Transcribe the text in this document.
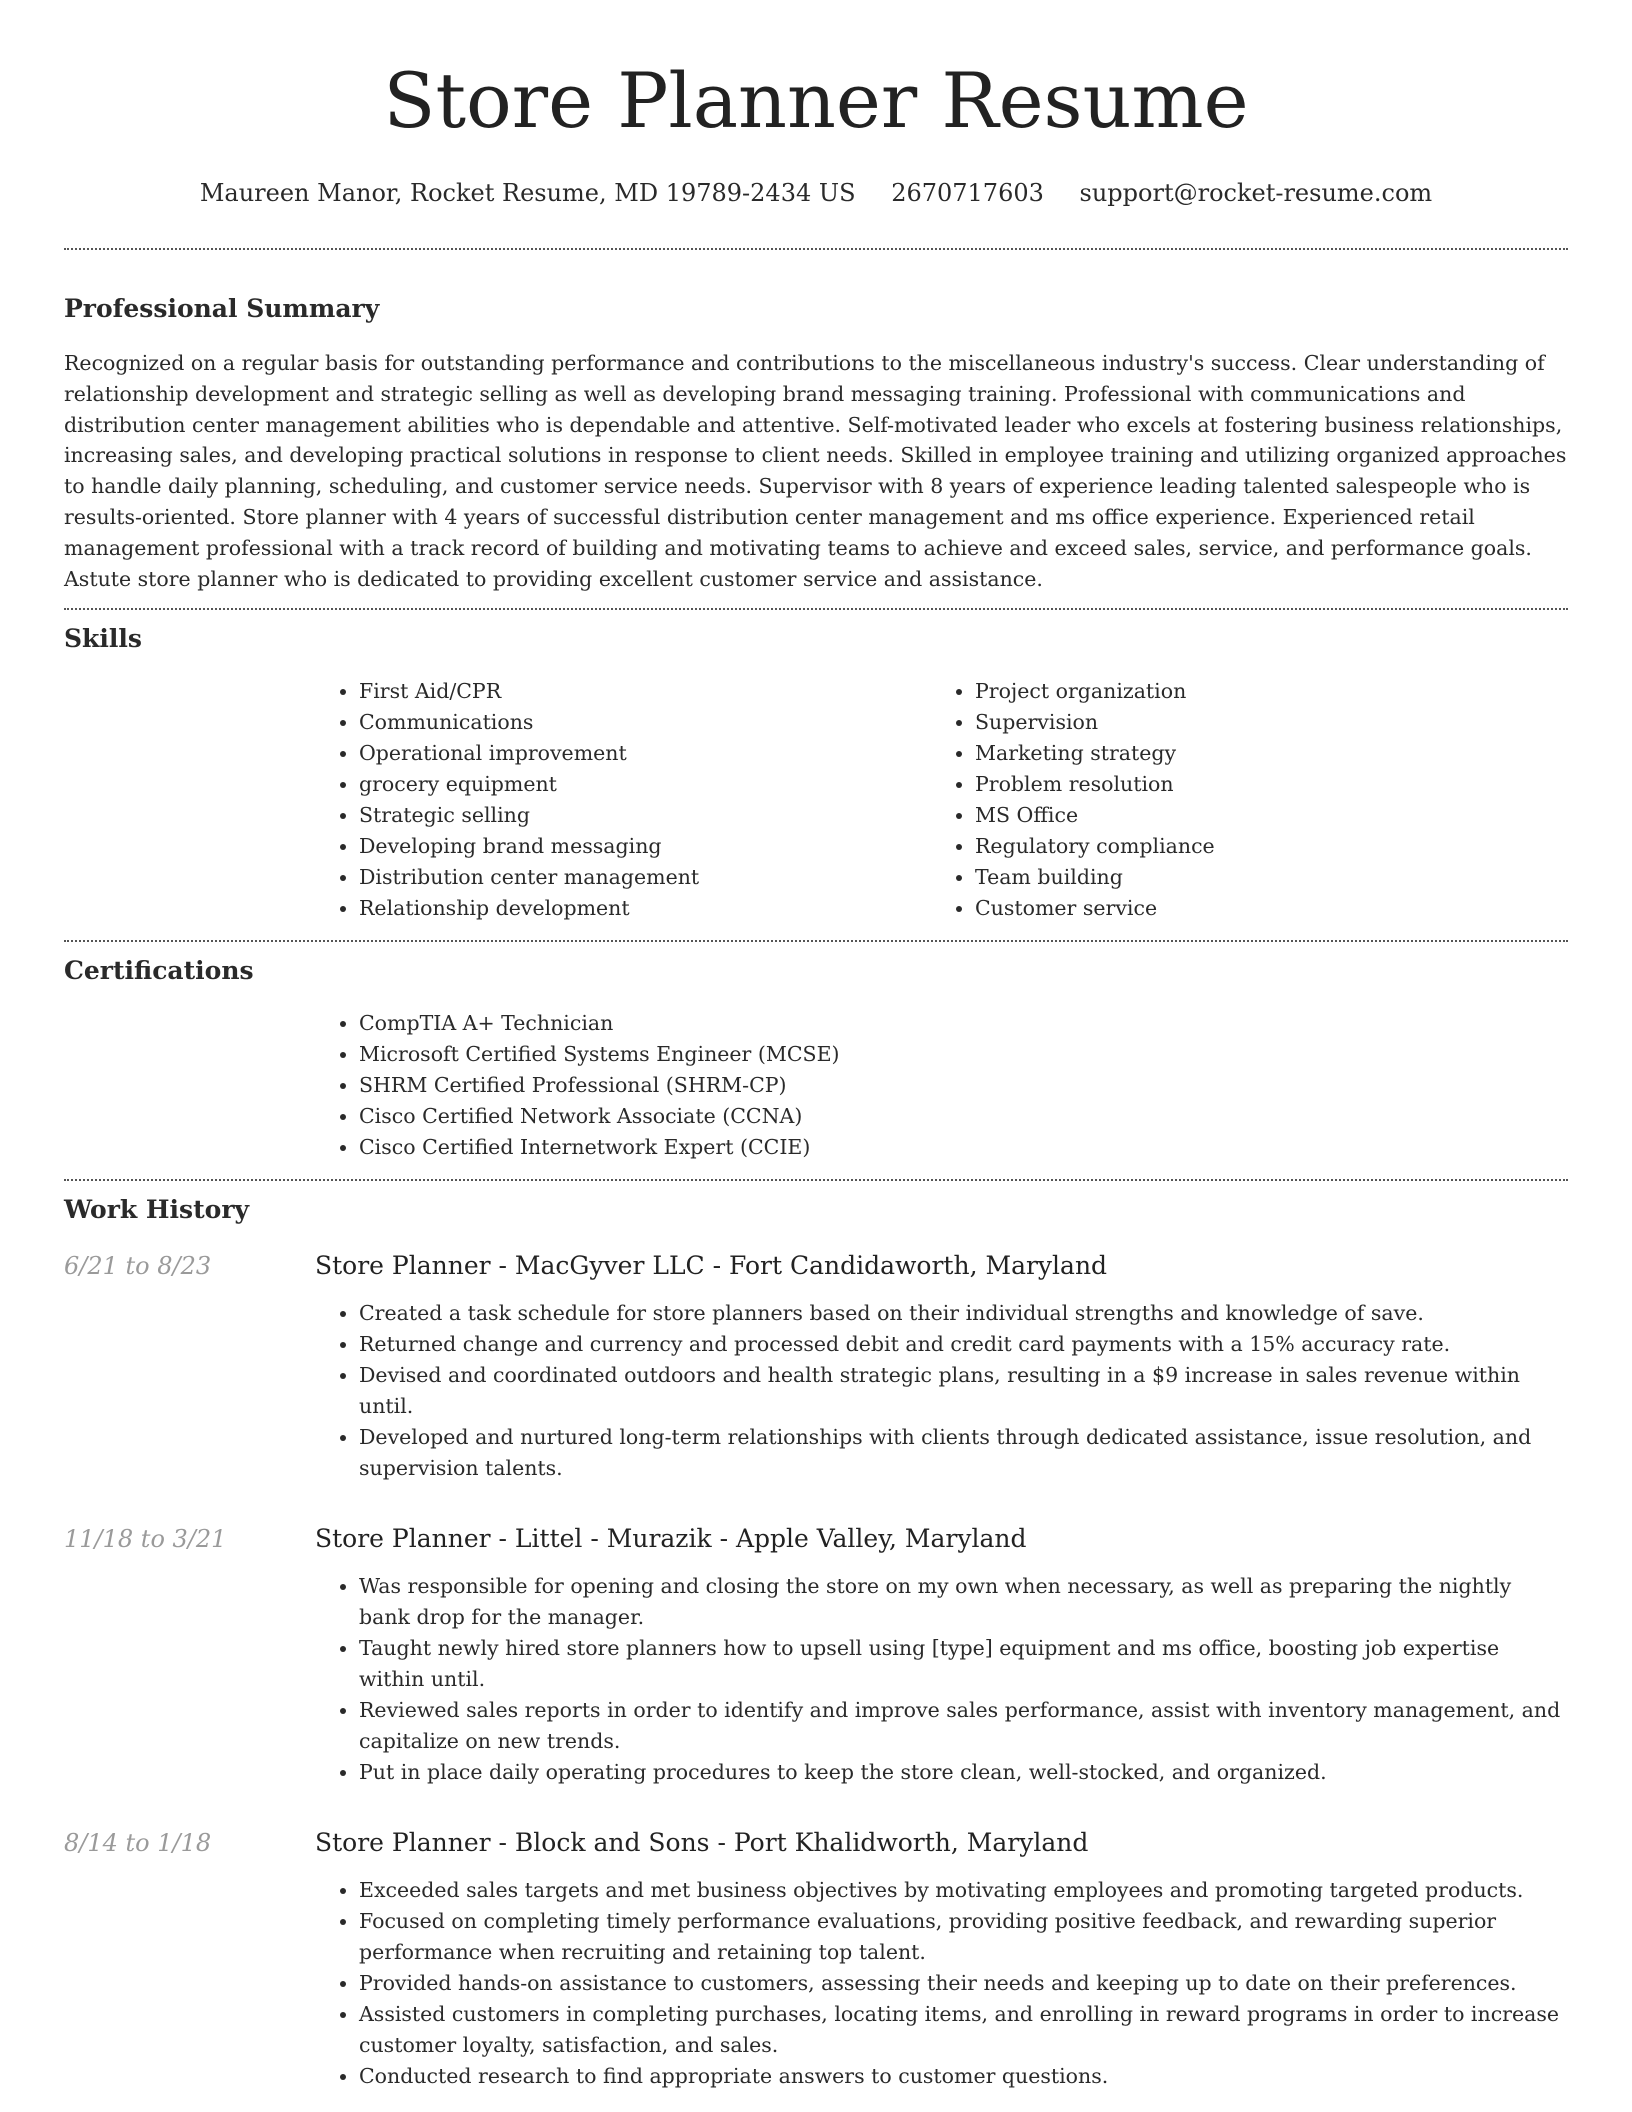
Store Planner Resume
Maureen Manor, Rocket Resume, MD 19789-2434 US 2670717603 support@rocket-resume.com
Professional Summary

Recognized on a regular basis for outstanding performance and contributions to the miscellaneous industry's success. Clear understanding of relationship development and strategic selling as well as developing brand messaging training. Professional with communications and distribution center management abilities who is dependable and attentive. Self-motivated leader who excels at fostering business relationships, increasing sales, and developing practical solutions in response to client needs. Skilled in employee training and utilizing organized approaches to handle daily planning, scheduling, and customer service needs. Supervisor with 8 years of experience leading talented salespeople who is results-oriented. Store planner with 4 years of successful distribution center management and ms office experience. Experienced retail management professional with a track record of building and motivating teams to achieve and exceed sales, service, and performance goals. Astute store planner who is dedicated to providing excellent customer service and assistance.

Skills
• First Aid/CPR
• Communications
• Operational improvement
• grocery equipment
• Strategic selling
• Developing brand messaging
• Distribution center management
• Relationship development
• Project organization
• Supervision
• Marketing strategy
• Problem resolution
• MS Office
• Regulatory compliance
• Team building
• Customer service
Certifications
• CompTIA A+ Technician
• Microsoft Certified Systems Engineer (MCSE)
• SHRM Certified Professional (SHRM-CP)
• Cisco Certified Network Associate (CCNA)
• Cisco Certified Internetwork Expert (CCIE)
Work History
6/21 to 8/23	Store Planner - MacGyver LLC - Fort Candidaworth, Maryland
• Created a task schedule for store planners based on their individual strengths and knowledge of save.
• Returned change and currency and processed debit and credit card payments with a 15% accuracy rate.
• Devised and coordinated outdoors and health strategic plans, resulting in a $9 increase in sales revenue within until.
• Developed and nurtured long-term relationships with clients through dedicated assistance, issue resolution, and supervision talents.
11/18 to 3/21	Store Planner - Littel - Murazik - Apple Valley, Maryland
• Was responsible for opening and closing the store on my own when necessary, as well as preparing the nightly bank drop for the manager.
• Taught newly hired store planners how to upsell using [type] equipment and ms office, boosting job expertise within until.
• Reviewed sales reports in order to identify and improve sales performance, assist with inventory management, and capitalize on new trends.
• Put in place daily operating procedures to keep the store clean, well-stocked, and organized.
8/14 to 1/18	Store Planner - Block and Sons - Port Khalidworth, Maryland
• Exceeded sales targets and met business objectives by motivating employees and promoting targeted products.
• Focused on completing timely performance evaluations, providing positive feedback, and rewarding superior performance when recruiting and retaining top talent.
• Provided hands-on assistance to customers, assessing their needs and keeping up to date on their preferences.
• Assisted customers in completing purchases, locating items, and enrolling in reward programs in order to increase customer loyalty, satisfaction, and sales.
• Conducted research to find appropriate answers to customer questions.
